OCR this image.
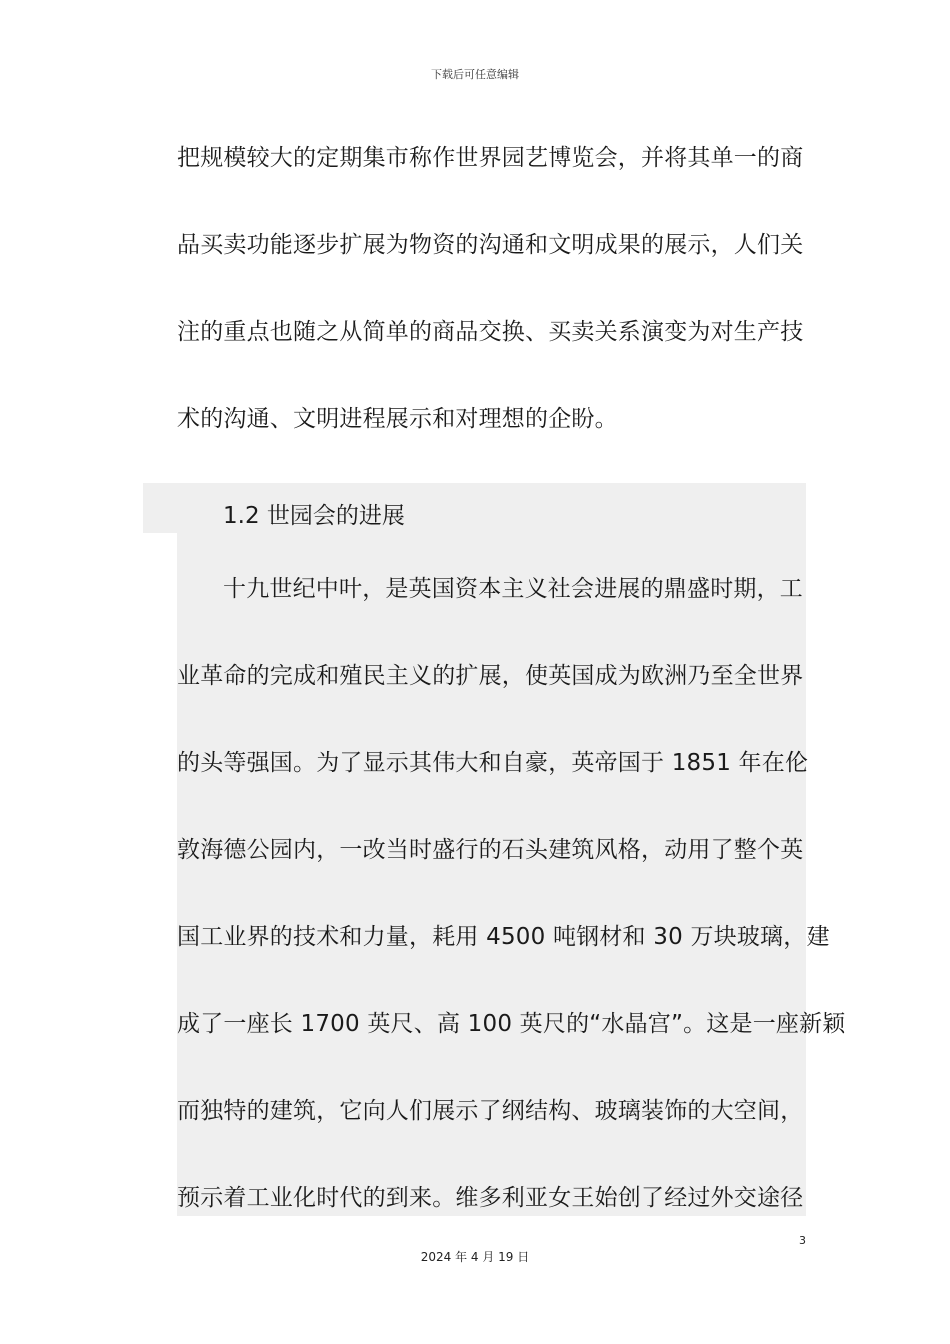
下载后可任意编辑
把规模较大的定期集市称作世界园艺博览会，并将其单一的商
品买卖功能逐步扩展为物资的沟通和文明成果的展示，人们关
注的重点也随之从简单的商品交换、买卖关系演变为对生产技
术的沟通、文明进程展示和对理想的企盼。
1.2 世园会的进展
十九世纪中叶，是英国资本主义社会进展的鼎盛时期，工
业革命的完成和殖民主义的扩展，使英国成为欧洲乃至全世界
的头等强国。为了显示其伟大和自豪，英帝国于 1851 年在伦
敦海德公园内，一改当时盛行的石头建筑风格，动用了整个英
国工业界的技术和力量，耗用 4500 吨钢材和 30 万块玻璃，建
成了一座长 1700 英尺、高 100 英尺的“水晶宫”。这是一座新颖
而独特的建筑，它向人们展示了纲结构、玻璃装饰的大空间，
预示着工业化时代的到来。维多利亚女王始创了经过外交途径
3
2024 年 4 月 19 日
